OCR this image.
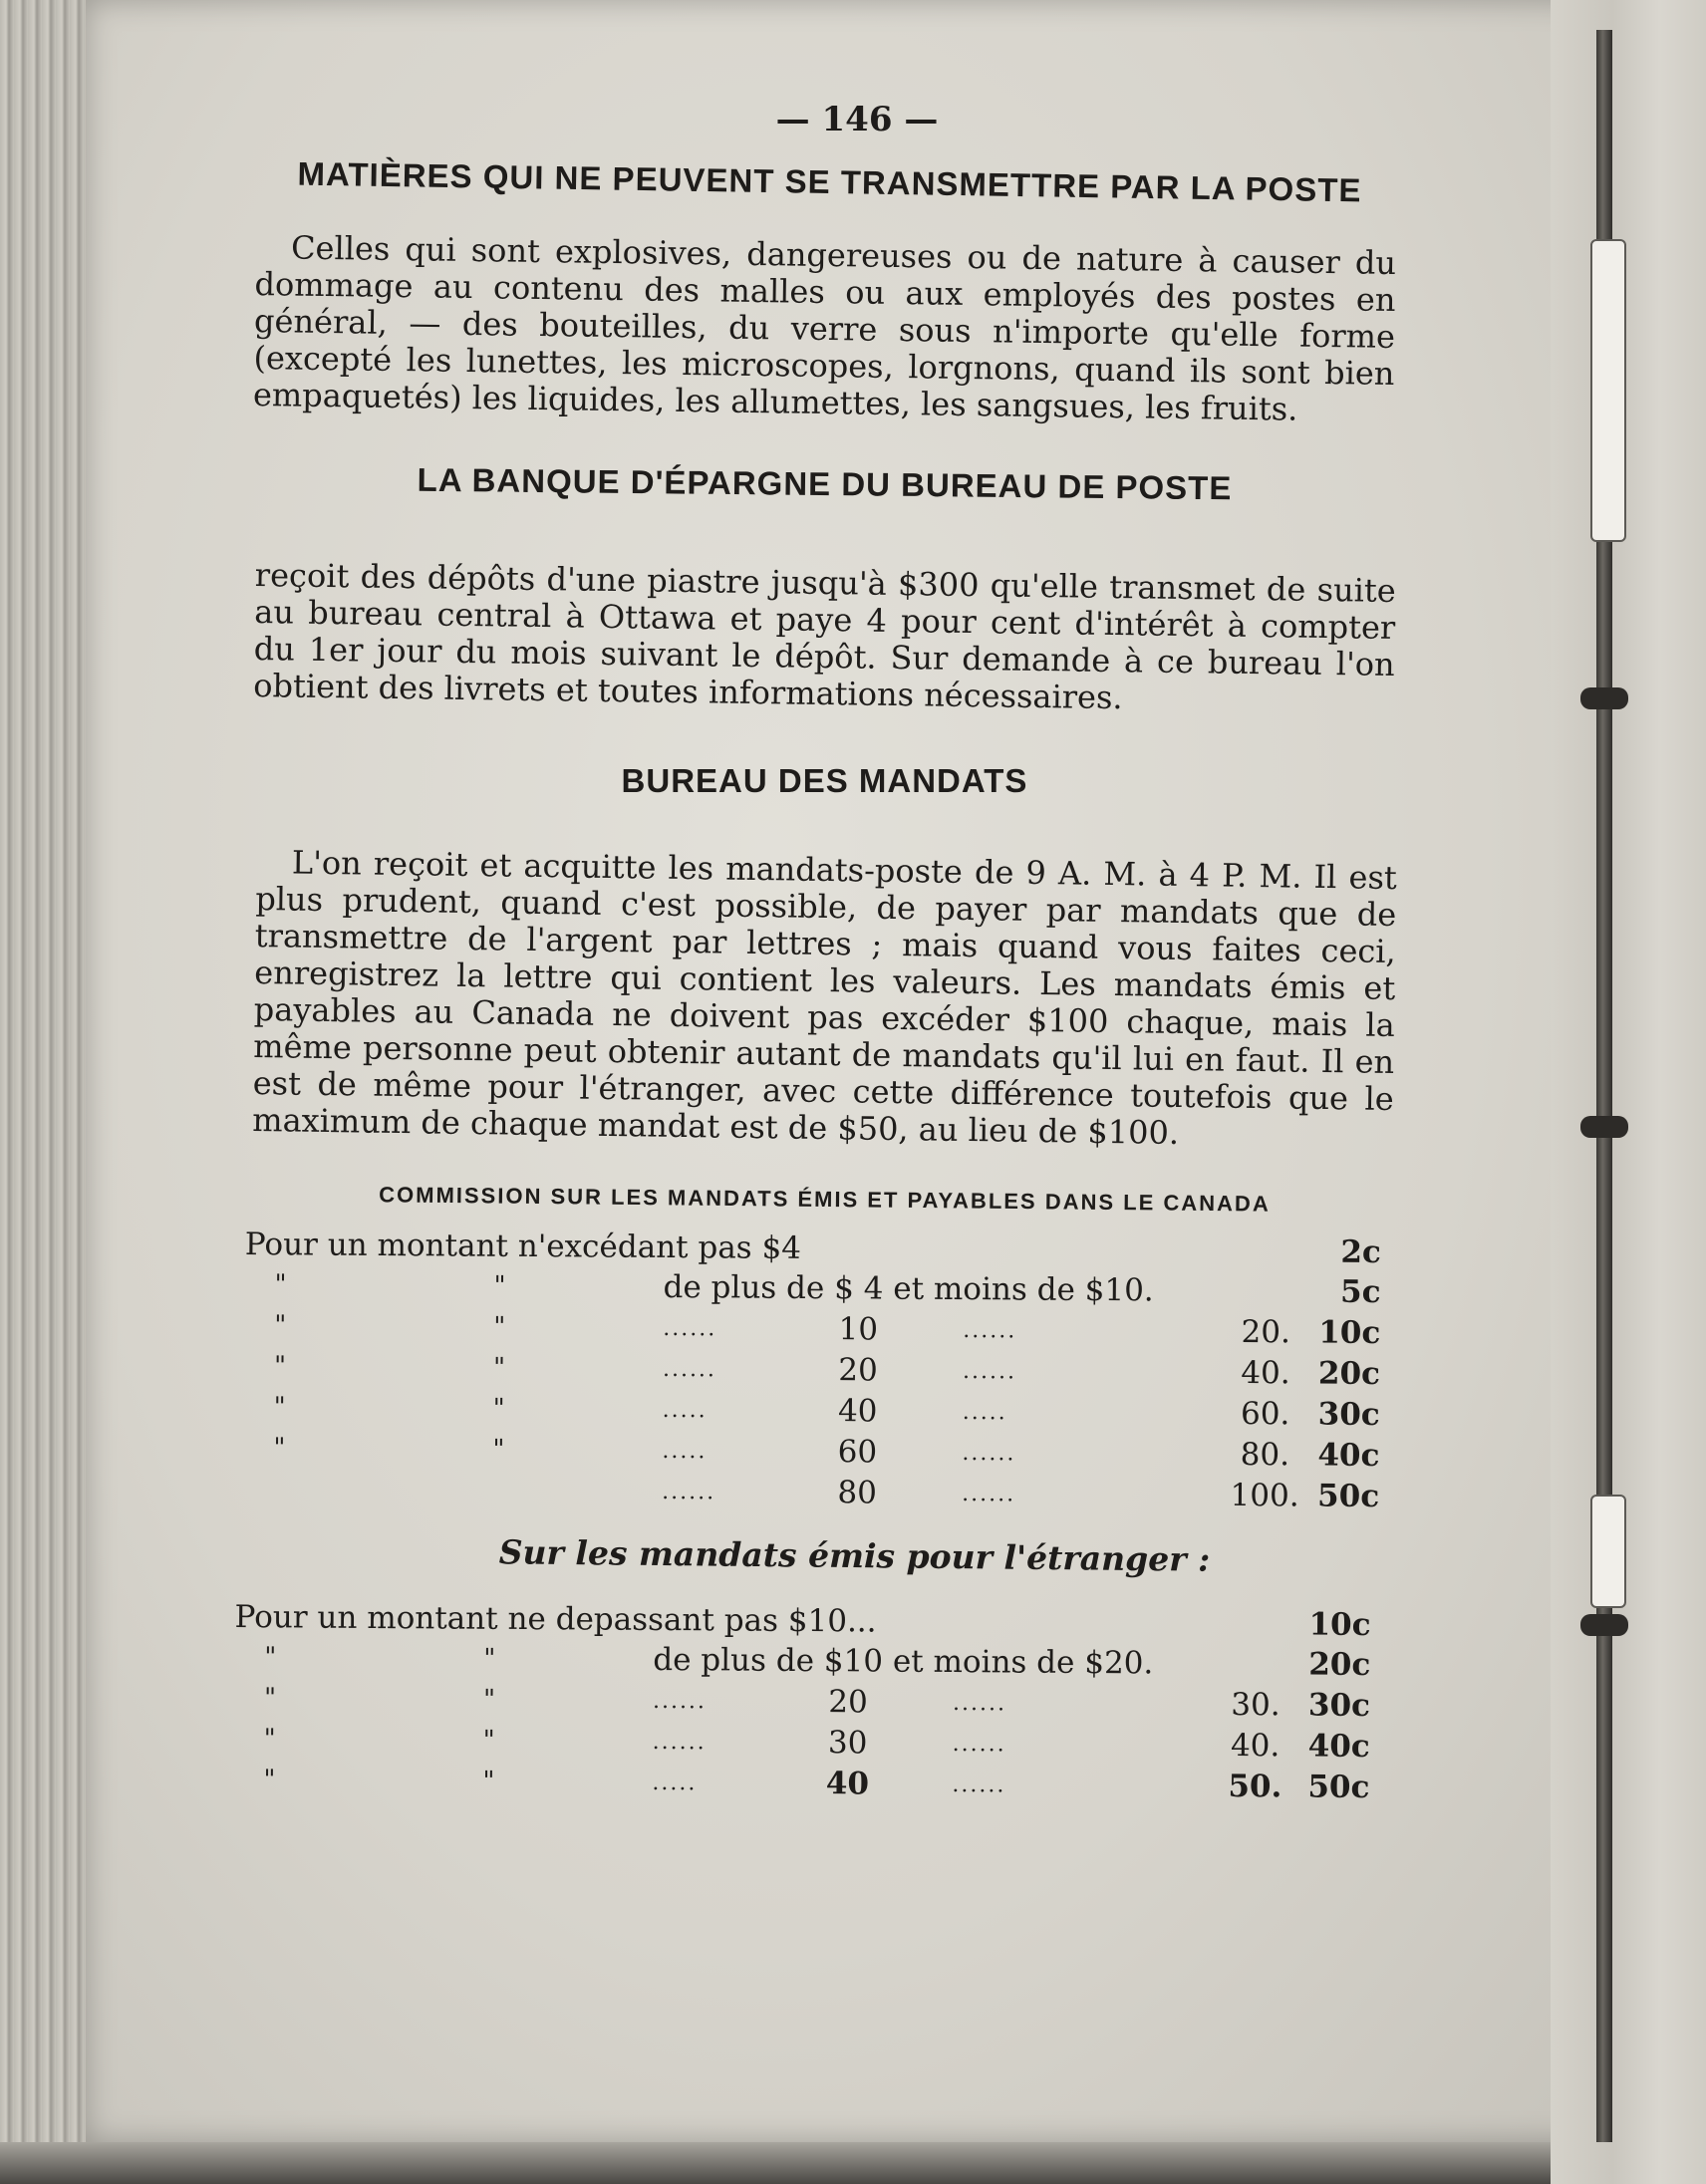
— 146 —
MATIÈRES QUI NE PEUVENT SE TRANSMETTRE PAR LA POSTE

Celles qui sont explosives, dangereuses ou de nature à causer du dommage au contenu des malles ou aux employés des postes en général, — des bouteilles, du verre sous n'importe qu'elle forme (excepté les lunettes, les microscopes, lorgnons, quand ils sont bien empaquetés) les liquides, les allumettes, les sangsues, les fruits.

LA BANQUE D'ÉPARGNE DU BUREAU DE POSTE

reçoit des dépôts d'une piastre jusqu'à $300 qu'elle transmet de suite au bureau central à Ottawa et paye 4 pour cent d'intérêt à compter du 1er jour du mois suivant le dépôt. Sur demande à ce bureau l'on obtient des livrets et toutes informations nécessaires.

BUREAU DES MANDATS

L'on reçoit et acquitte les mandats-poste de 9 A. M. à 4 P. M. Il est plus prudent, quand c'est possible, de payer par mandats que de transmettre de l'argent par lettres ; mais quand vous faites ceci, enregistrez la lettre qui contient les valeurs. Les mandats émis et payables au Canada ne doivent pas excéder $100 chaque, mais la même personne peut obtenir autant de mandats qu'il lui en faut. Il en est de même pour l'étranger, avec cette différence toutefois que le maximum de chaque mandat est de $50, au lieu de $100.

COMMISSION SUR LES MANDATS ÉMIS ET PAYABLES DANS LE CANADA
Pour un montant n'excédant pas $4						2c
"	"	de plus de $ 4 et moins de $10.				5c
"	"	......	10	......	20.		10c
"	"	......	20	......	40.		20c
"	"	.....	40	.....	60.		30c
"	"	.....	60	......	80.		40c
		......	80	......	100.		50c
Sur les mandats émis pour l'étranger :
Pour un montant ne depassant pas $10...						10c
"	"	de plus de $10 et moins de $20.				20c
"	"	......	20	......	30.		30c
"	"	......	30	......	40.		40c
"	"	.....	40	......	50.		50c
